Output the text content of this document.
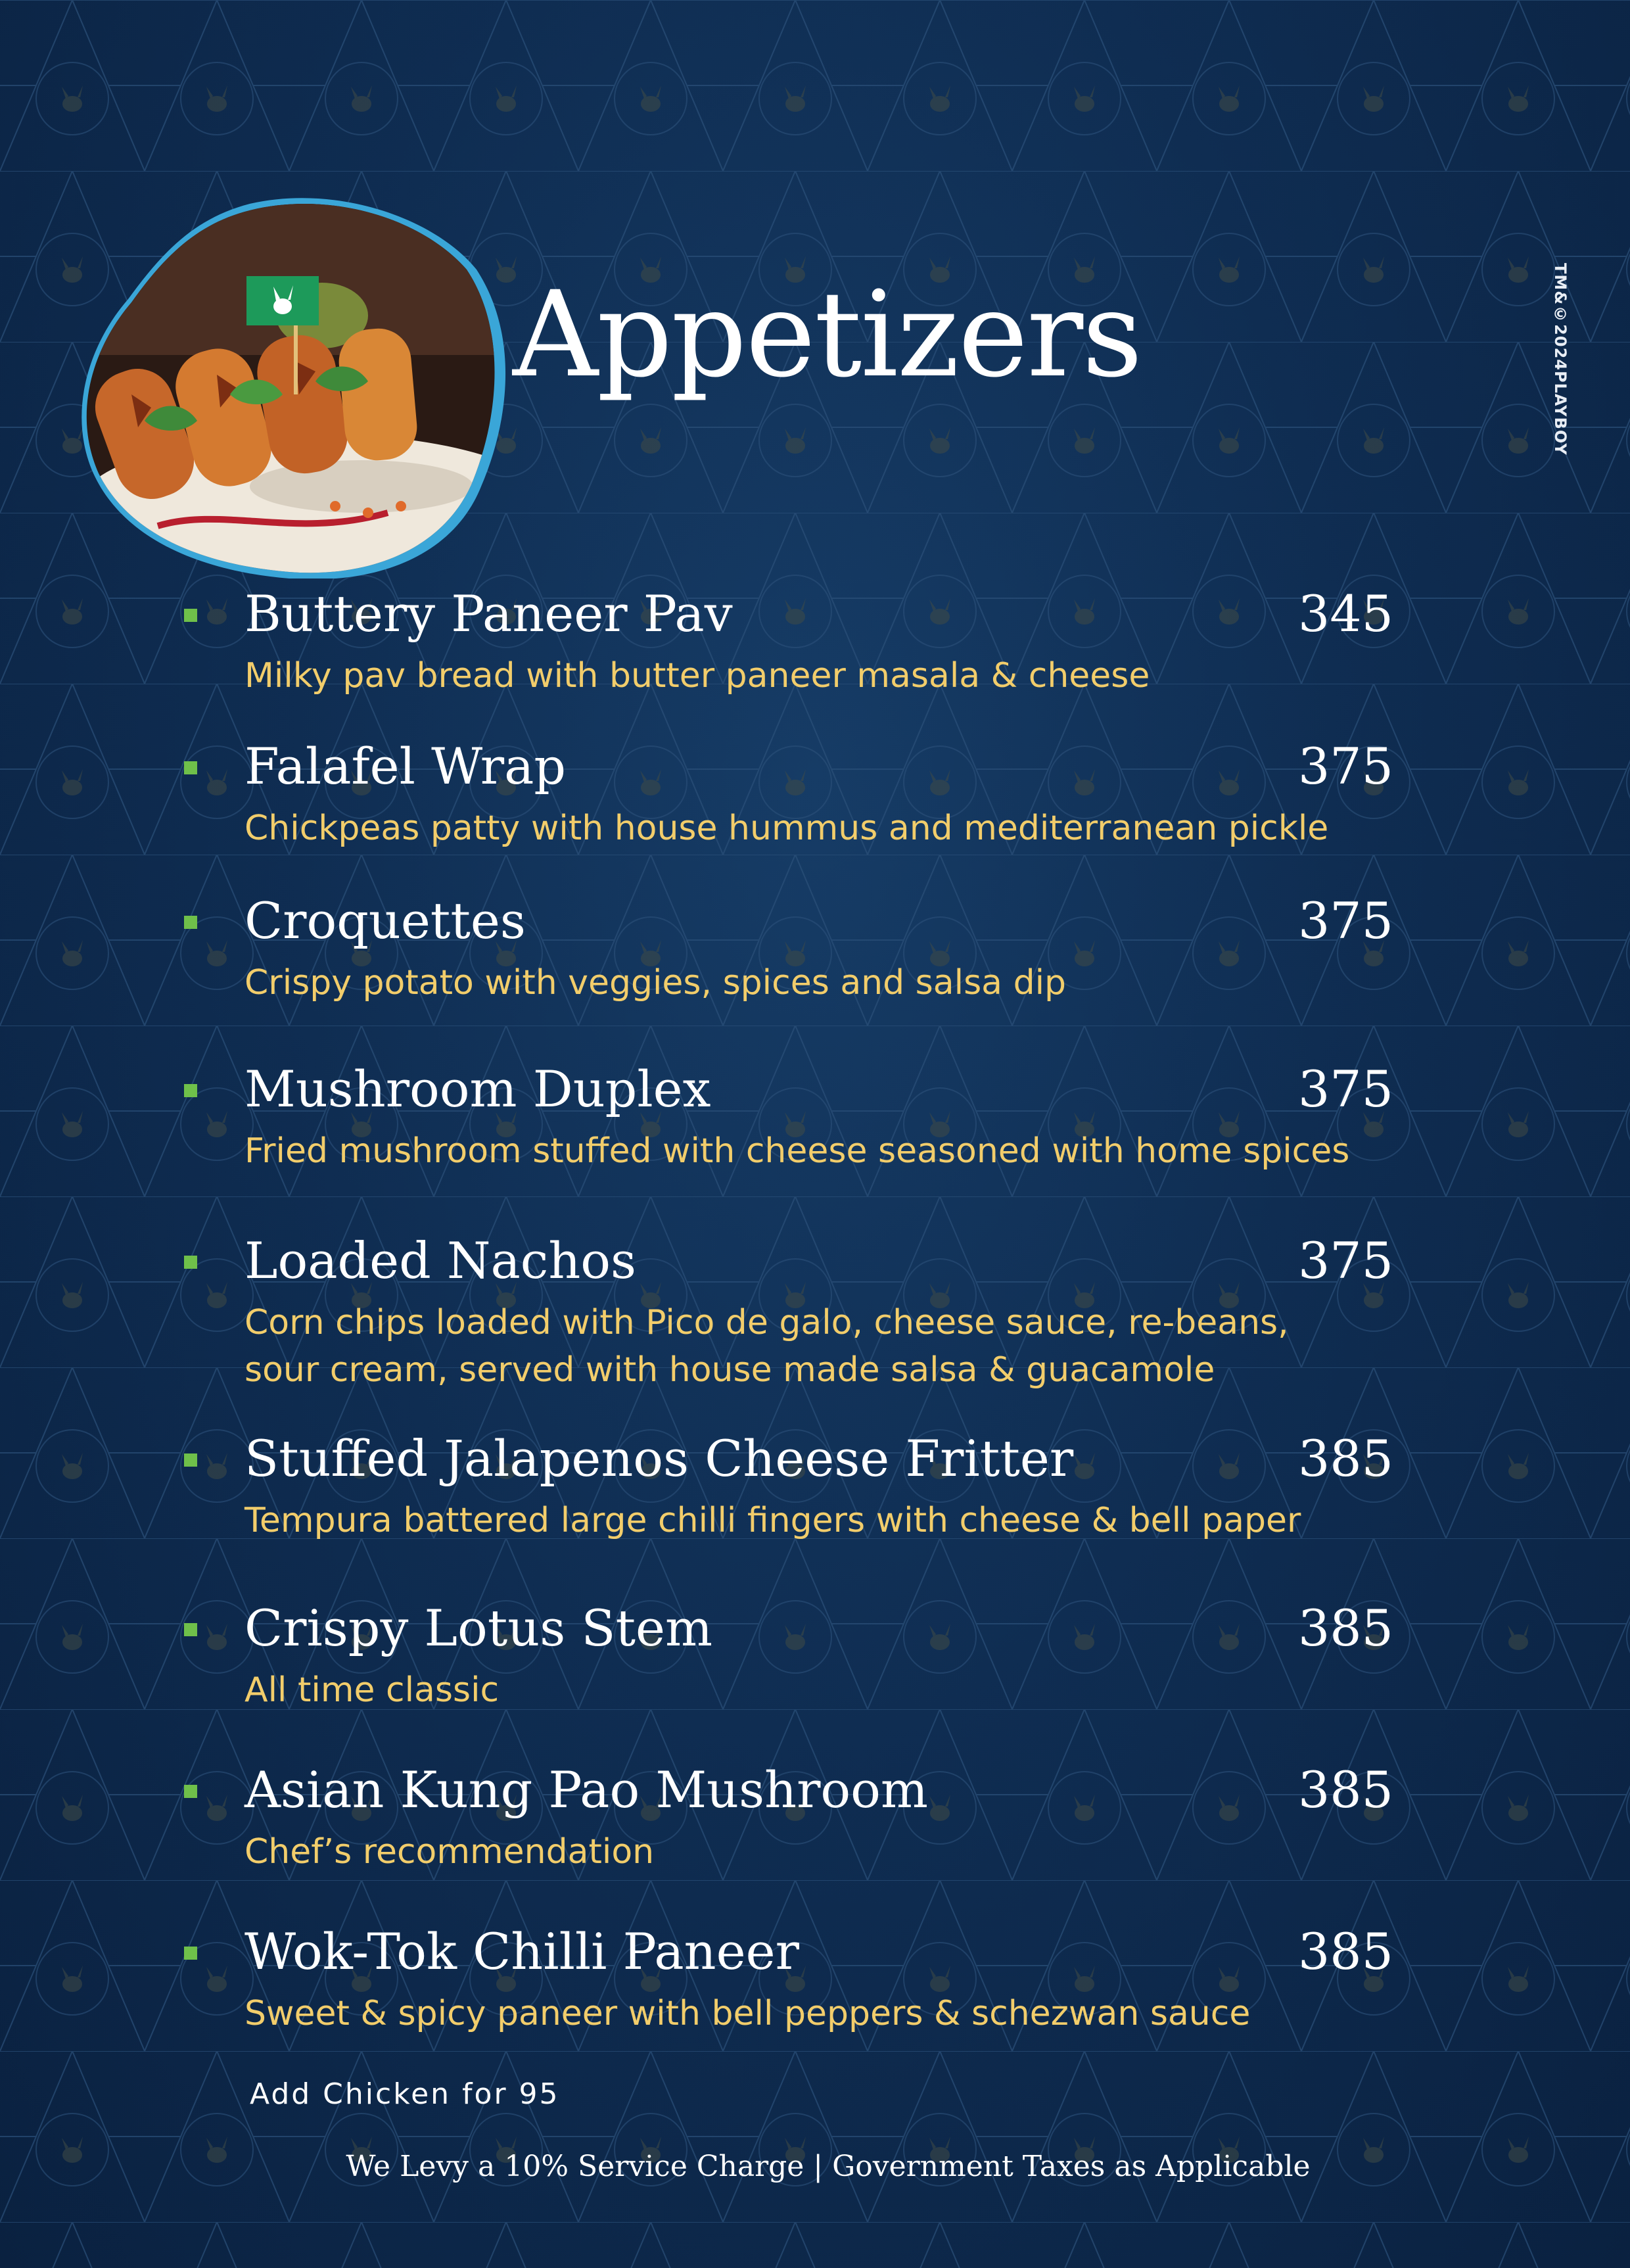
TM&©2024PLAYBOY
Appetizers
Buttery Paneer Pav	345
Milky pav bread with butter paneer masala & cheese
Falafel Wrap	375
Chickpeas patty with house hummus and mediterranean pickle
Croquettes	375
Crispy potato with veggies, spices and salsa dip
Mushroom Duplex	375
Fried mushroom stuffed with cheese seasoned with home spices
Loaded Nachos	375
Corn chips loaded with Pico de galo, cheese sauce, re-beans,
sour cream, served with house made salsa & guacamole
Stuffed Jalapenos Cheese Fritter	385
Tempura battered large chilli fingers with cheese & bell paper
Crispy Lotus Stem	385
All time classic
Asian Kung Pao Mushroom	385
Chef’s recommendation
Wok-Tok Chilli Paneer	385
Sweet & spicy paneer with bell peppers & schezwan sauce
Add Chicken for 95
We Levy a 10% Service Charge | Government Taxes as Applicable
